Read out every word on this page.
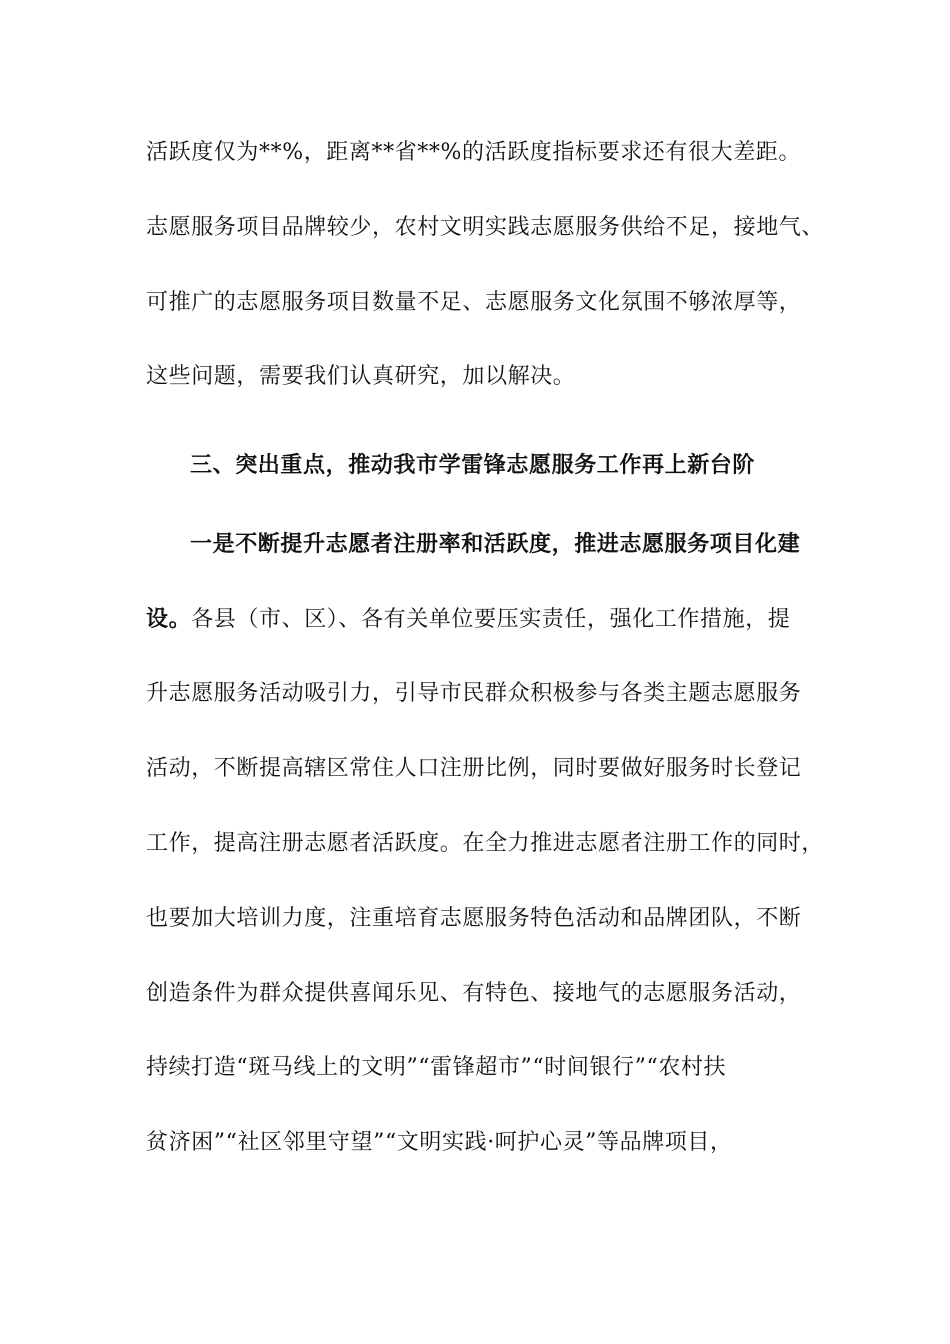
活跃度仅为**%，距离**省**%的活跃度指标要求还有很大差距。
志愿服务项目品牌较少，农村文明实践志愿服务供给不足，接地气、
可推广的志愿服务项目数量不足、志愿服务文化氛围不够浓厚等，
这些问题，需要我们认真研究，加以解决。
三、突出重点，推动我市学雷锋志愿服务工作再上新台阶
一是不断提升志愿者注册率和活跃度，推进志愿服务项目化建
设。各县（市、区）、各有关单位要压实责任，强化工作措施，提
升志愿服务活动吸引力，引导市民群众积极参与各类主题志愿服务
活动，不断提高辖区常住人口注册比例，同时要做好服务时长登记
工作，提高注册志愿者活跃度。在全力推进志愿者注册工作的同时，
也要加大培训力度，注重培育志愿服务特色活动和品牌团队，不断
创造条件为群众提供喜闻乐见、有特色、接地气的志愿服务活动，
持续打造“斑马线上的文明”“雷锋超市”“时间银行”“农村扶
贫济困”“社区邻里守望”“文明实践·呵护心灵”等品牌项目，
